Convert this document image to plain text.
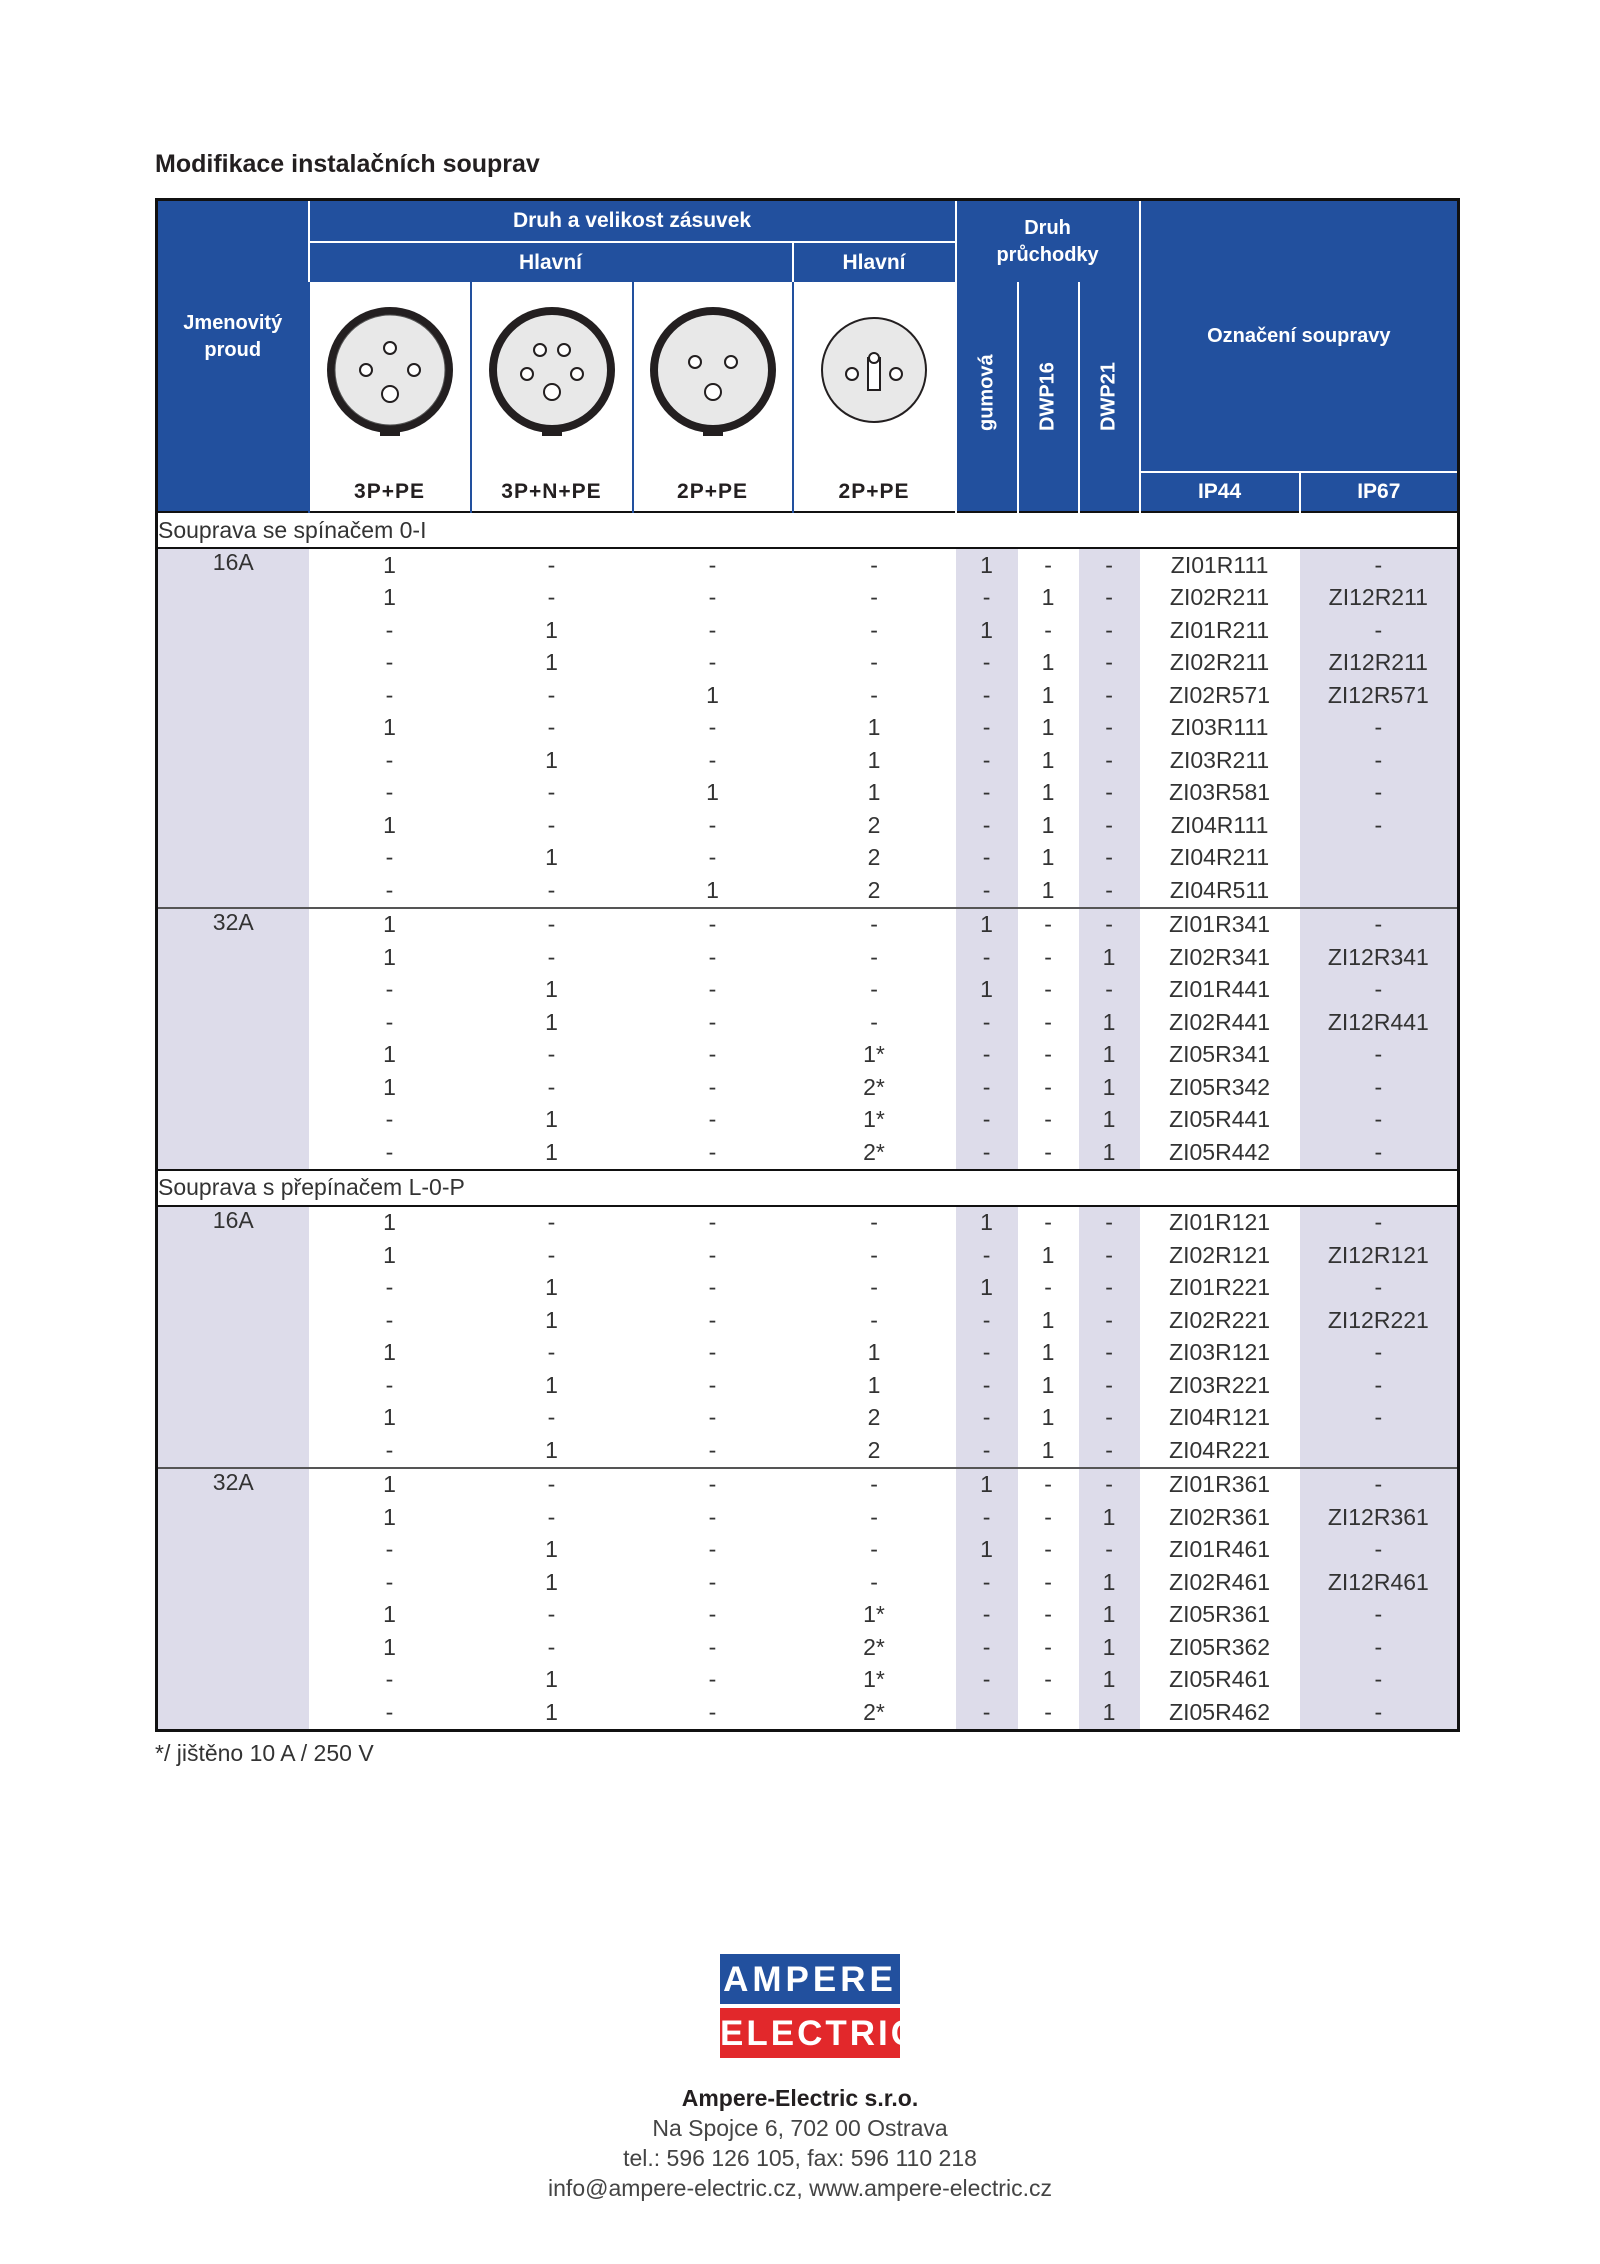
Modifikace instalačních souprav
Jmenovitý proud	Druh a velikost zásuvek				Druh průchodky			Označení soupravy	
	Hlavní			Hlavní					

gumová	DWP16	DWP21		

	3P+PE	3P+N+PE	2P+PE	2P+PE				IP44	IP67
Souprava se spínačem 0-I									
16A	1	-	-	-	1	-	-	ZI01R111	-
	1	-	-	-	-	1	-	ZI02R211	ZI12R211
	-	1	-	-	1	-	-	ZI01R211	-
	-	1	-	-	-	1	-	ZI02R211	ZI12R211
	-	-	1	-	-	1	-	ZI02R571	ZI12R571
	1	-	-	1	-	1	-	ZI03R111	-
	-	1	-	1	-	1	-	ZI03R211	-
	-	-	1	1	-	1	-	ZI03R581	-
	1	-	-	2	-	1	-	ZI04R111	-
	-	1	-	2	-	1	-	ZI04R211	
	-	-	1	2	-	1	-	ZI04R511	
32A	1	-	-	-	1	-	-	ZI01R341	-
	1	-	-	-	-	-	1	ZI02R341	ZI12R341
	-	1	-	-	1	-	-	ZI01R441	-
	-	1	-	-	-	-	1	ZI02R441	ZI12R441
	1	-	-	1*	-	-	1	ZI05R341	-
	1	-	-	2*	-	-	1	ZI05R342	-
	-	1	-	1*	-	-	1	ZI05R441	-
	-	1	-	2*	-	-	1	ZI05R442	-
Souprava s přepínačem L-0-P									
16A	1	-	-	-	1	-	-	ZI01R121	-
	1	-	-	-	-	1	-	ZI02R121	ZI12R121
	-	1	-	-	1	-	-	ZI01R221	-
	-	1	-	-	-	1	-	ZI02R221	ZI12R221
	1	-	-	1	-	1	-	ZI03R121	-
	-	1	-	1	-	1	-	ZI03R221	-
	1	-	-	2	-	1	-	ZI04R121	-
	-	1	-	2	-	1	-	ZI04R221	
32A	1	-	-	-	1	-	-	ZI01R361	-
	1	-	-	-	-	-	1	ZI02R361	ZI12R361
	-	1	-	-	1	-	-	ZI01R461	-
	-	1	-	-	-	-	1	ZI02R461	ZI12R461
	1	-	-	1*	-	-	1	ZI05R361	-
	1	-	-	2*	-	-	1	ZI05R362	-
	-	1	-	1*	-	-	1	ZI05R461	-
	-	1	-	2*	-	-	1	ZI05R462	-
*/ jištěno 10 A / 250 V
AMPERE
ELECTRIC
Ampere-Electric s.r.o.
Na Spojce 6, 702 00 Ostrava
tel.: 596 126 105, fax: 596 110 218
info@ampere-electric.cz, www.ampere-electric.cz
